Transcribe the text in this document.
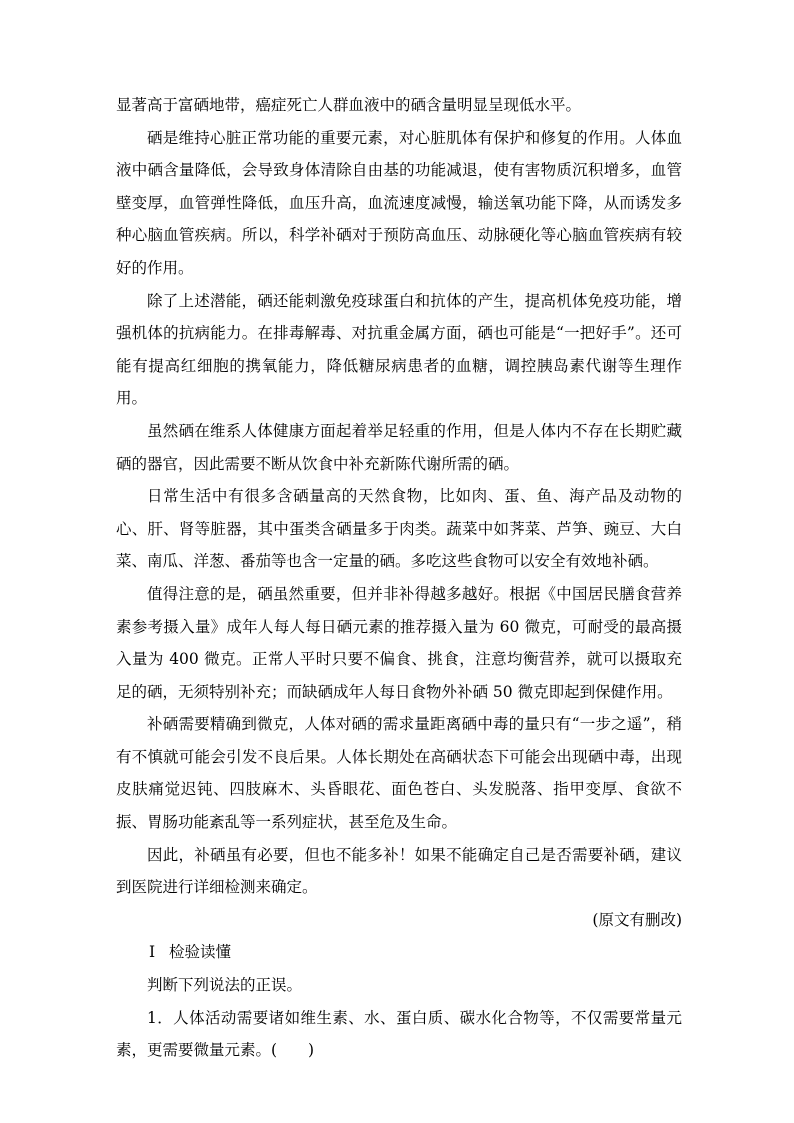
显著高于富硒地带，癌症死亡人群血液中的硒含量明显呈现低水平。

硒是维持心脏正常功能的重要元素，对心脏肌体有保护和修复的作用。人体血液中硒含量降低，会导致身体清除自由基的功能减退，使有害物质沉积增多，血管壁变厚，血管弹性降低，血压升高，血流速度减慢，输送氧功能下降，从而诱发多种心脑血管疾病。所以，科学补硒对于预防高血压、动脉硬化等心脑血管疾病有较好的作用。

除了上述潜能，硒还能刺激免疫球蛋白和抗体的产生，提高机体免疫功能，增强机体的抗病能力。在排毒解毒、对抗重金属方面，硒也可能是“一把好手”。还可能有提高红细胞的携氧能力，降低糖尿病患者的血糖，调控胰岛素代谢等生理作用。

虽然硒在维系人体健康方面起着举足轻重的作用，但是人体内不存在长期贮藏硒的器官，因此需要不断从饮食中补充新陈代谢所需的硒。

日常生活中有很多含硒量高的天然食物，比如肉、蛋、鱼、海产品及动物的心、肝、肾等脏器，其中蛋类含硒量多于肉类。蔬菜中如荠菜、芦笋、豌豆、大白菜、南瓜、洋葱、番茄等也含一定量的硒。多吃这些食物可以安全有效地补硒。

值得注意的是，硒虽然重要，但并非补得越多越好。根据《中国居民膳食营养素参考摄入量》成年人每人每日硒元素的推荐摄入量为 60 微克，可耐受的最高摄入量为 400 微克。正常人平时只要不偏食、挑食，注意均衡营养，就可以摄取充足的硒，无须特别补充；而缺硒成年人每日食物外补硒 50 微克即起到保健作用。

补硒需要精确到微克，人体对硒的需求量距离硒中毒的量只有“一步之遥”，稍有不慎就可能会引发不良后果。人体长期处在高硒状态下可能会出现硒中毒，出现皮肤痛觉迟钝、四肢麻木、头昏眼花、面色苍白、头发脱落、指甲变厚、食欲不振、胃肠功能紊乱等一系列症状，甚至危及生命。

因此，补硒虽有必要，但也不能多补！如果不能确定自己是否需要补硒，建议到医院进行详细检测来确定。

(原文有删改)

Ⅰ 检验读懂

判断下列说法的正误。

1．人体活动需要诸如维生素、水、蛋白质、碳水化合物等，不仅需要常量元素，更需要微量元素。(　　)
